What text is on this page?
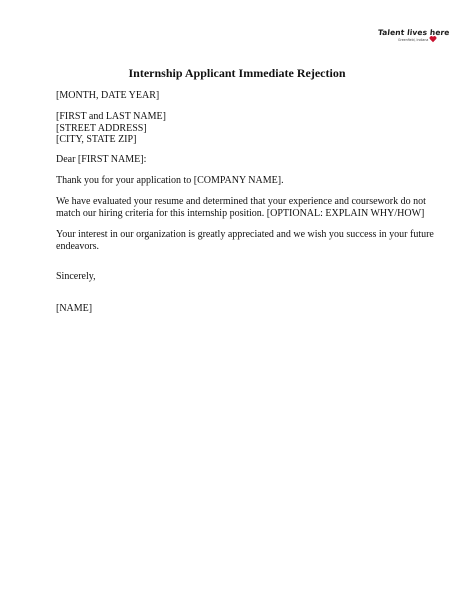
Talent lives here
Greenfield, Indiana
Internship Applicant Immediate Rejection
[MONTH, DATE YEAR]
[FIRST and LAST NAME]
[STREET ADDRESS]
[CITY, STATE ZIP]
Dear [FIRST NAME]:
Thank you for your application to [COMPANY NAME].
We have evaluated your resume and determined that your experience and coursework do not
match our hiring criteria for this internship position. [OPTIONAL: EXPLAIN WHY/HOW]
Your interest in our organization is greatly appreciated and we wish you success in your future
endeavors.
Sincerely,
[NAME]
